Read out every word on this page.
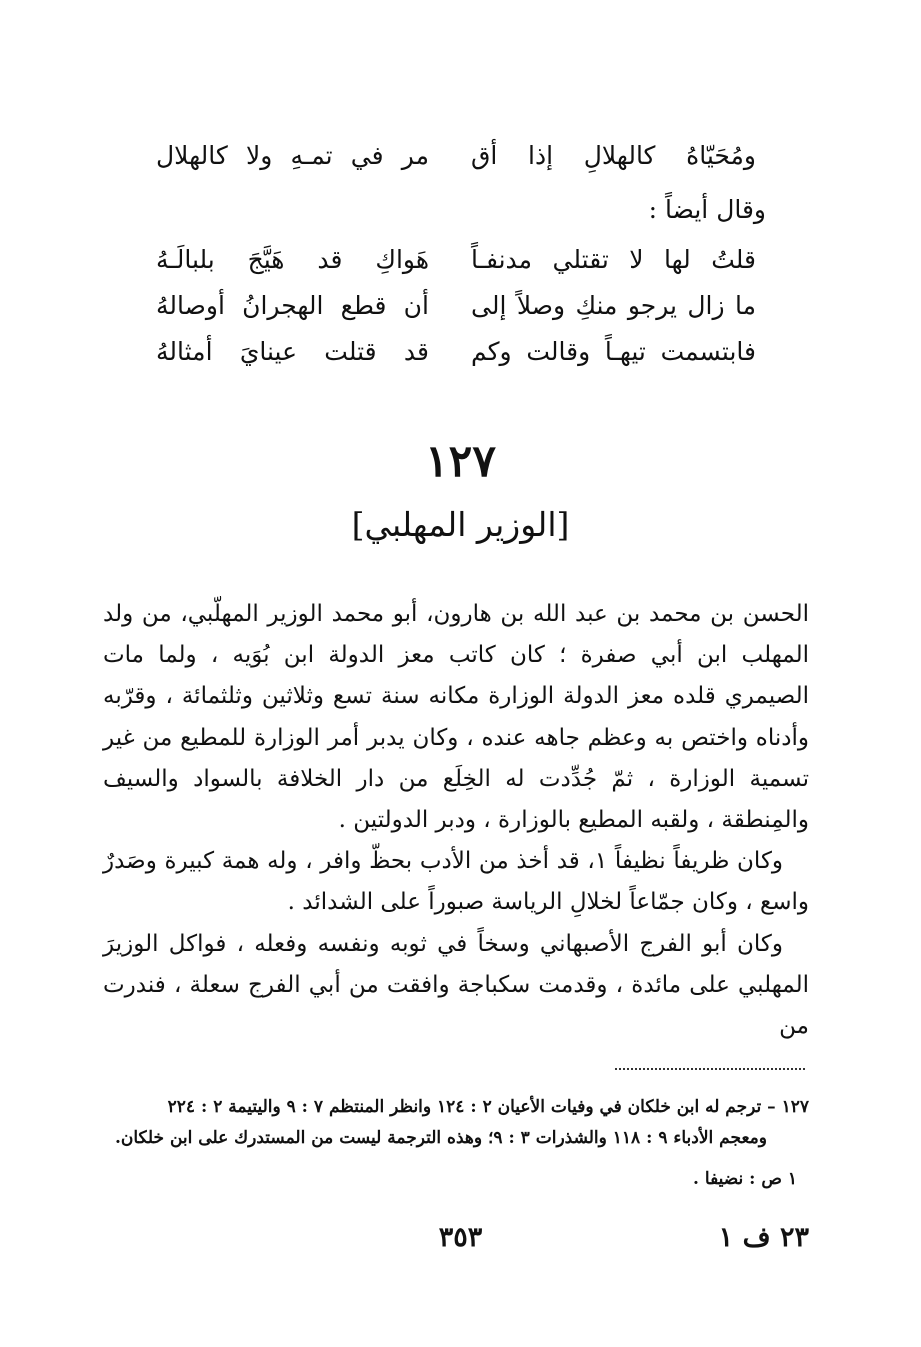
ومُحَيّاهُ كالهلالِ إذا أق
مر في تمـهِ ولا كالهلال
وقال أيضاً :
قلتُ لها لا تقتلي مدنفـاً
هَواكِ قد هَيَّجَ بلبالَـهُ
ما زال يرجو منكِ وصلاً إلى
أن قطع الهجرانُ أوصالهُ
فابتسمت تيهـاً وقالت وكم
قد قتلت عينايَ أمثالهُ
١٢٧
[الوزير المهلبي]

الحسن بن محمد بن عبد الله بن هارون، أبو محمد الوزير المهلّبي، من ولد المهلب ابن أبي صفرة ؛ كان كاتب معز الدولة ابن بُوَيه ، ولما مات الصيمري قلده معز الدولة الوزارة مكانه سنة تسع وثلاثين وثلثمائة ، وقرّبه وأدناه واختص به وعظم جاهه عنده ، وكان يدبر أمر الوزارة للمطيع من غير تسمية الوزارة ، ثمّ جُدِّدت له الخِلَع من دار الخلافة بالسواد والسيف والمِنطقة ، ولقبه المطيع بالوزارة ، ودبر الدولتين .

وكان ظريفاً نظيفاً ١، قد أخذ من الأدب بحظّ وافر ، وله همة كبيرة وصَدرٌ واسع ، وكان جمّاعاً لخلالِ الرياسة صبوراً على الشدائد .

وكان أبو الفرج الأصبهاني وسخاً في ثوبه ونفسه وفعله ، فواكل الوزيرَ المهلبي على مائدة ، وقدمت سكباجة وافقت من أبي الفرج سعلة ، فندرت من

١٢٧ – ترجم له ابن خلكان في وفيات الأعيان ٢ : ١٢٤ وانظر المنتظم ٧ : ٩ واليتيمة ٢ : ٢٢٤

ومعجم الأدباء ٩ : ١١٨ والشذرات ٣ : ٩؛ وهذه الترجمة ليست من المستدرك على ابن خلكان.

١ ص : نضيفا .

٣٥٣	٢٣ ف ١
